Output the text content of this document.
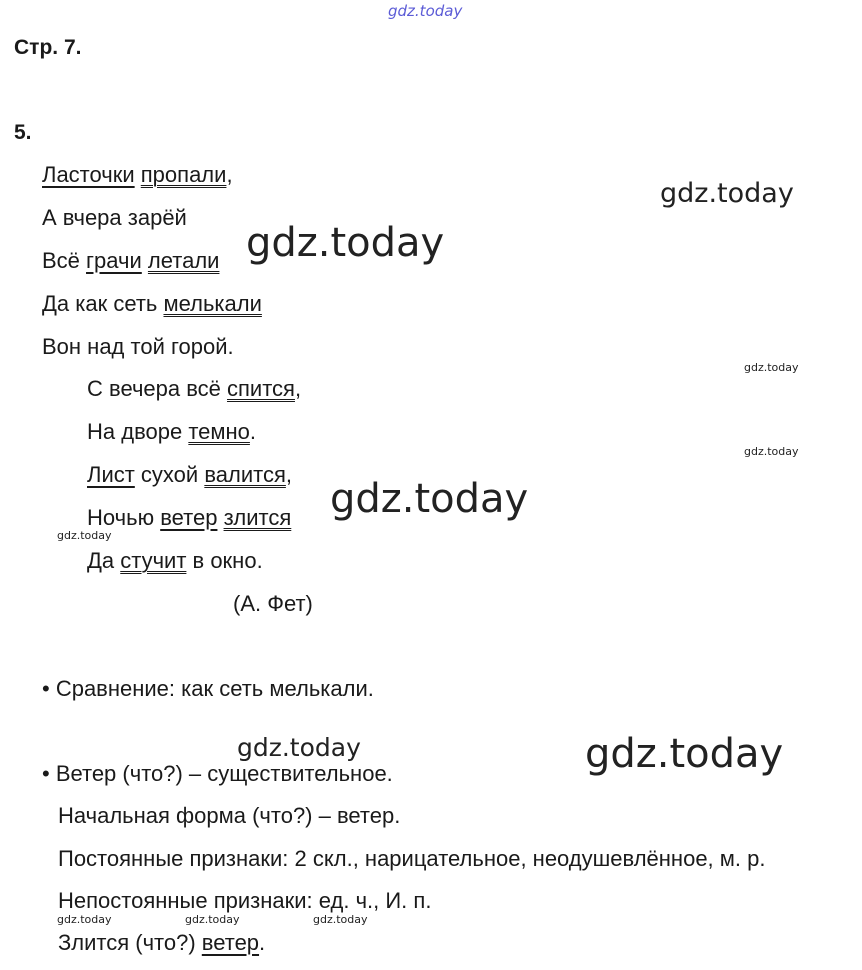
gdz.today
gdz.today
gdz.today
gdz.today
gdz.today
gdz.today
gdz.today
gdz.today	gdz.today
gdz.today	gdz.today	gdz.today
Стр. 7.
5.
Ласточки пропали,
А вчера зарёй
Всё грачи летали
Да как сеть мелькали
Вон над той горой.
С вечера всё спится,
На дворе темно.
Лист сухой валится,
Ночью ветер злится
Да стучит в окно.
(А. Фет)
• Сравнение: как сеть мелькали.
• Ветер (что?) – существительное.
Начальная форма (что?) – ветер.
Постоянные признаки: 2 скл., нарицательное, неодушевлённое, м. р.
Непостоянные признаки: ед. ч., И. п.
Злится (что?) ветер.
